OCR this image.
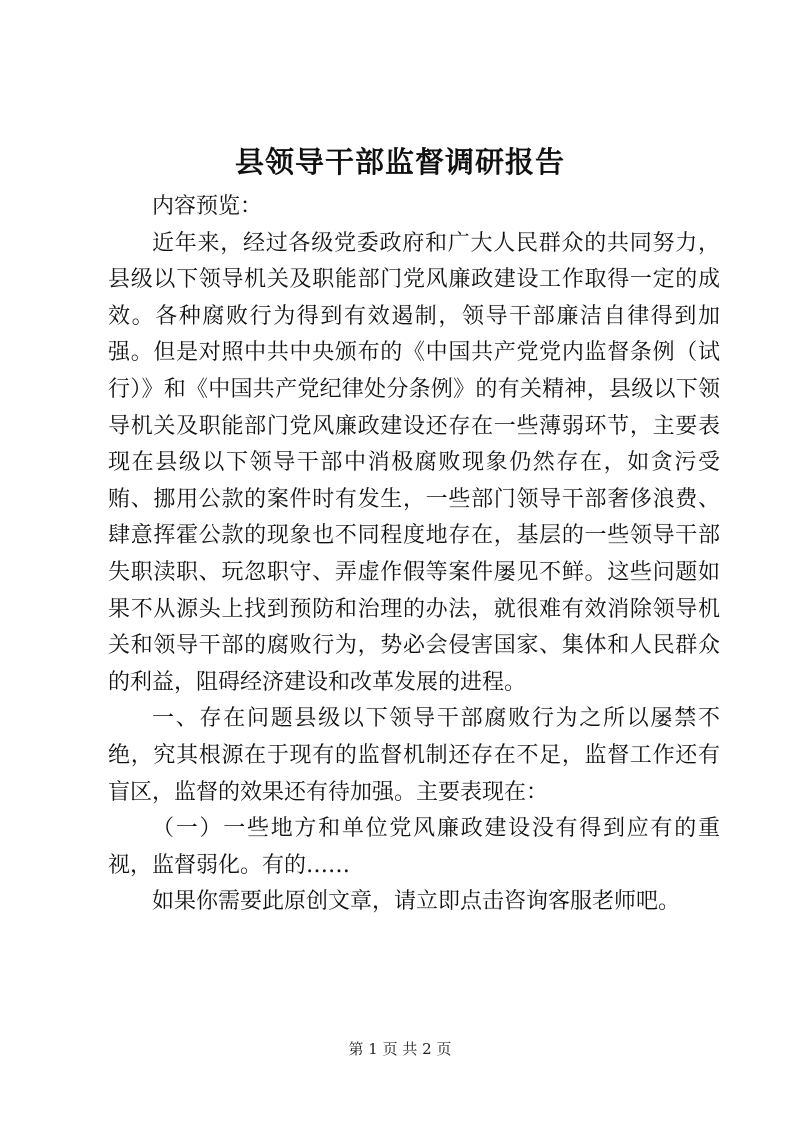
县领导干部监督调研报告

内容预览：

近年来，经过各级党委政府和广大人民群众的共同努力，县级以下领导机关及职能部门党风廉政建设工作取得一定的成效。各种腐败行为得到有效遏制，领导干部廉洁自律得到加强。但是对照中共中央颁布的《中国共产党党内监督条例（试行）》和《中国共产党纪律处分条例》的有关精神，县级以下领导机关及职能部门党风廉政建设还存在一些薄弱环节，主要表现在县级以下领导干部中消极腐败现象仍然存在，如贪污受贿、挪用公款的案件时有发生，一些部门领导干部奢侈浪费、肆意挥霍公款的现象也不同程度地存在，基层的一些领导干部失职渎职、玩忽职守、弄虚作假等案件屡见不鲜。这些问题如果不从源头上找到预防和治理的办法，就很难有效消除领导机关和领导干部的腐败行为，势必会侵害国家、集体和人民群众的利益，阻碍经济建设和改革发展的进程。

一、存在问题县级以下领导干部腐败行为之所以屡禁不绝，究其根源在于现有的监督机制还存在不足，监督工作还有盲区，监督的效果还有待加强。主要表现在：

（一）一些地方和单位党风廉政建设没有得到应有的重视，监督弱化。有的……

如果你需要此原创文章，请立即点击咨询客服老师吧。

第 1 页 共 2 页
